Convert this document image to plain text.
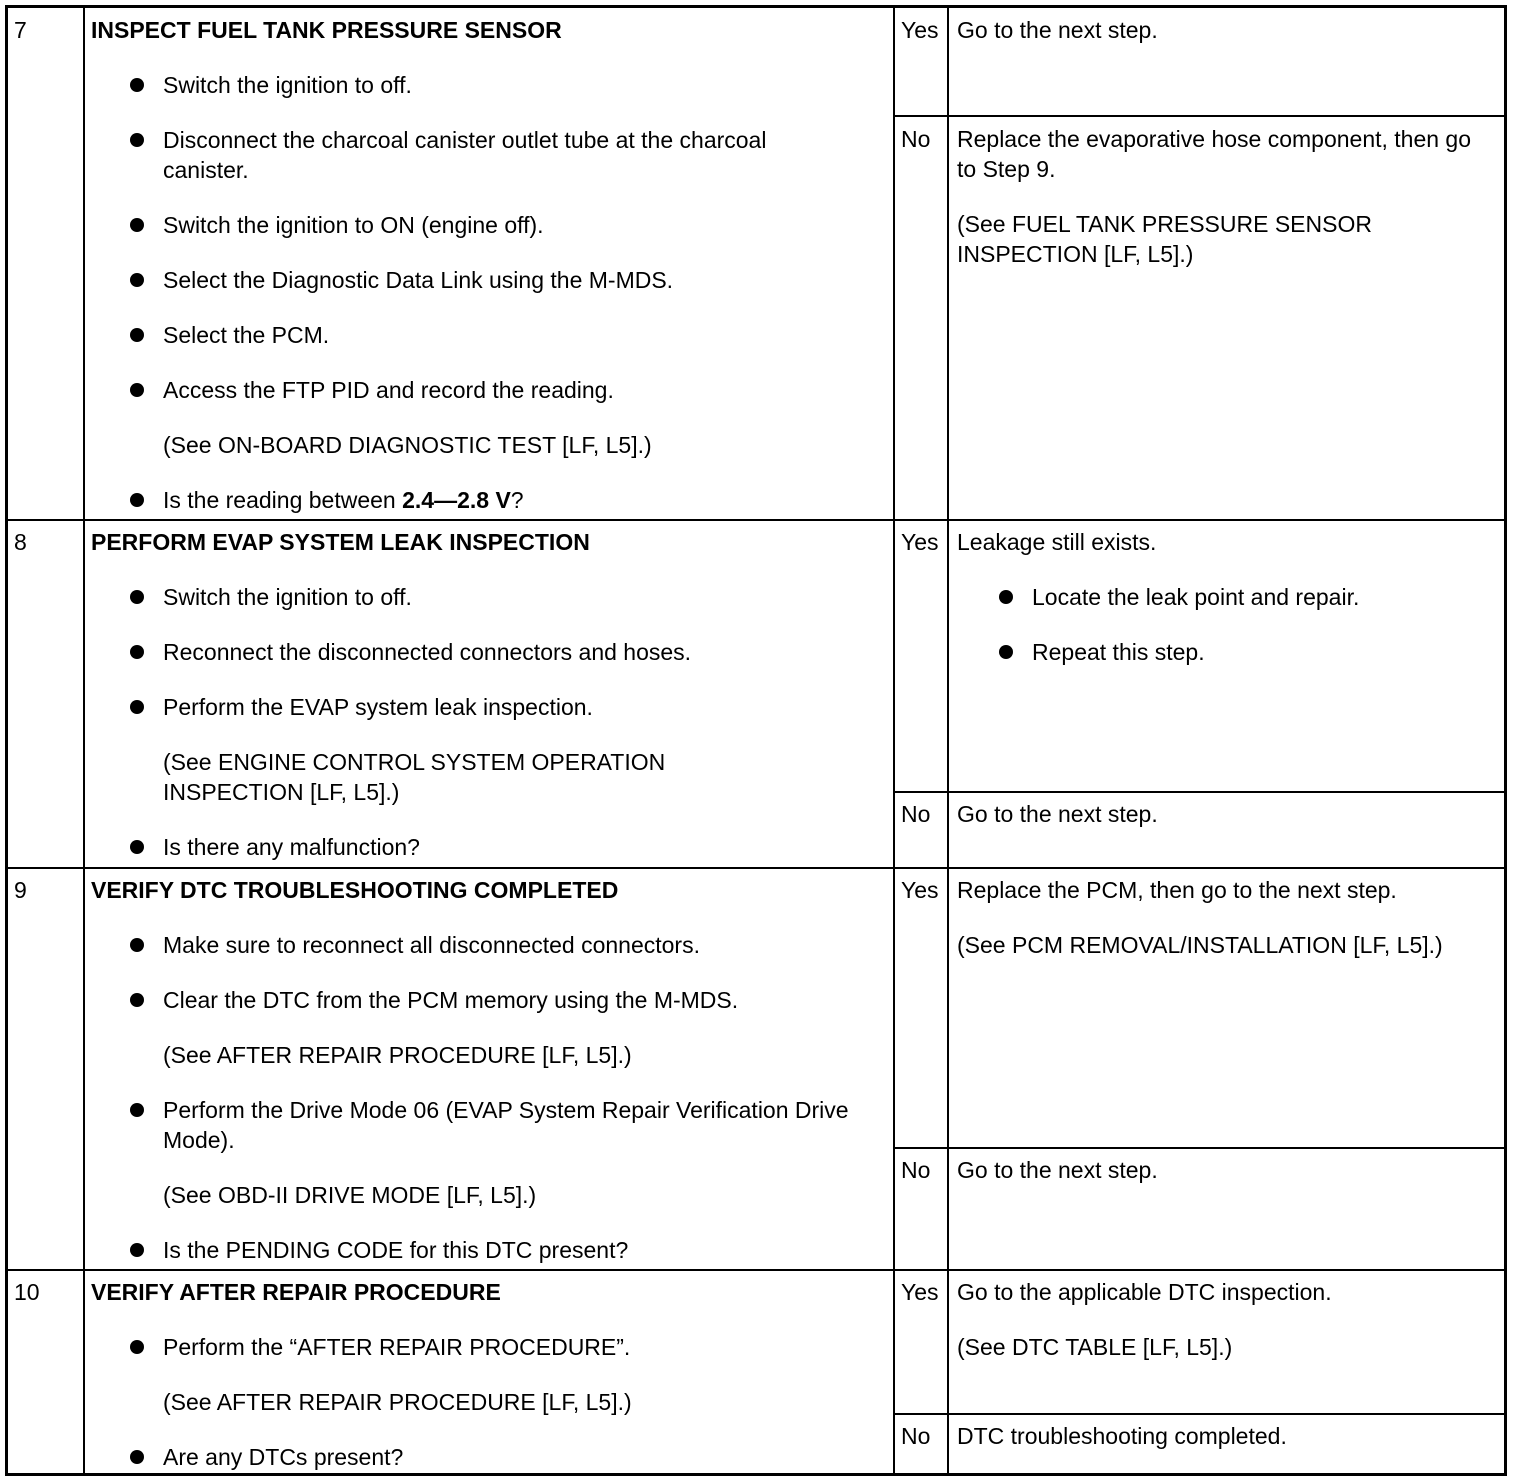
7	INSPECT FUEL TANK PRESSURE SENSOR
Switch the ignition to off.
Disconnect the charcoal canister outlet tube at the charcoal canister.
Switch the ignition to ON (engine off).
Select the Diagnostic Data Link using the M-MDS.
Select the PCM.
Access the FTP PID and record the reading.
(See ON-BOARD DIAGNOSTIC TEST [LF, L5].)
Is the reading between 2.4—2.8 V?
Yes Go to the next step.
No	Replace the evaporative hose component, then go to Step 9.
(See FUEL TANK PRESSURE SENSOR INSPECTION [LF, L5].)
8	PERFORM EVAP SYSTEM LEAK INSPECTION
Switch the ignition to off.
Reconnect the disconnected connectors and hoses.
Perform the EVAP system leak inspection.
(See ENGINE CONTROL SYSTEM OPERATION INSPECTION [LF, L5].)
Is there any malfunction?
Yes Leakage still exists.
Locate the leak point and repair.
Repeat this step.
No	Go to the next step.
9	VERIFY DTC TROUBLESHOOTING COMPLETED
Make sure to reconnect all disconnected connectors.
Clear the DTC from the PCM memory using the M-MDS.
(See AFTER REPAIR PROCEDURE [LF, L5].)
Perform the Drive Mode 06 (EVAP System Repair Verification Drive Mode).
(See OBD-II DRIVE MODE [LF, L5].)
Is the PENDING CODE for this DTC present?
Yes Replace the PCM, then go to the next step.
(See PCM REMOVAL/INSTALLATION [LF, L5].)
No	Go to the next step.
10	VERIFY AFTER REPAIR PROCEDURE
Perform the “AFTER REPAIR PROCEDURE”.
(See AFTER REPAIR PROCEDURE [LF, L5].)
Are any DTCs present?
Yes Go to the applicable DTC inspection.
(See DTC TABLE [LF, L5].)
No	DTC troubleshooting completed.
